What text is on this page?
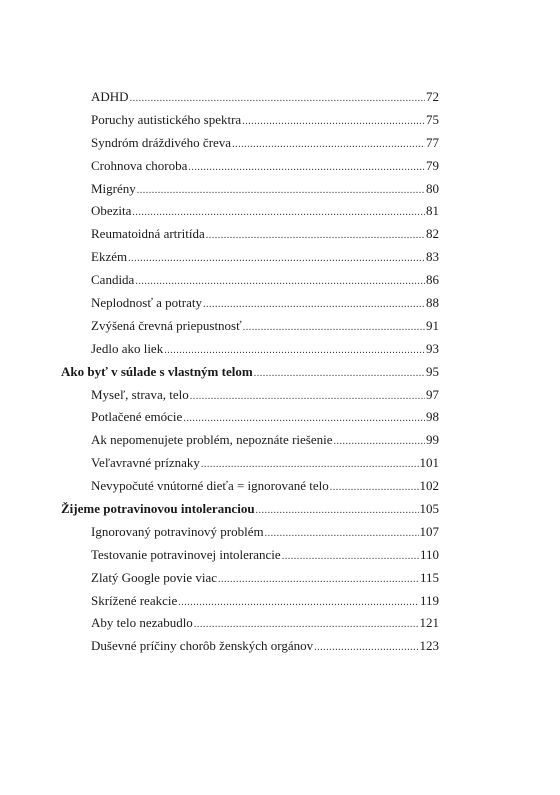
ADHD .....	72
Poruchy autistického spektra .....	75
Syndróm dráždivého čreva .....	77
Crohnova choroba .....	79
Migrény .....	80
Obezita .....	81
Reumatoidná artritída .....	82
Ekzém .....	83
Candida .....	86
Neplodnosť a potraty .....	88
Zvýšená črevná priepustnosť .....	91
Jedlo ako liek .....	93
Ako byť v súlade s vlastným telom .....	95
Myseľ, strava, telo .....	97
Potlačené emócie .....	98
Ak nepomenujete problém, nepoznáte riešenie .....	99
Veľavravné príznaky .....	101
Nevypočuté vnútorné dieťa = ignorované telo .....	102
Žijeme potravinovou intoleranciou .....	105
Ignorovaný potravinový problém .....	107
Testovanie potravinovej intolerancie .....	110
Zlatý Google povie viac .....	115
Skrížené reakcie .....	119
Aby telo nezabudlo .....	121
Duševné príčiny chorôb ženských orgánov .....	123
